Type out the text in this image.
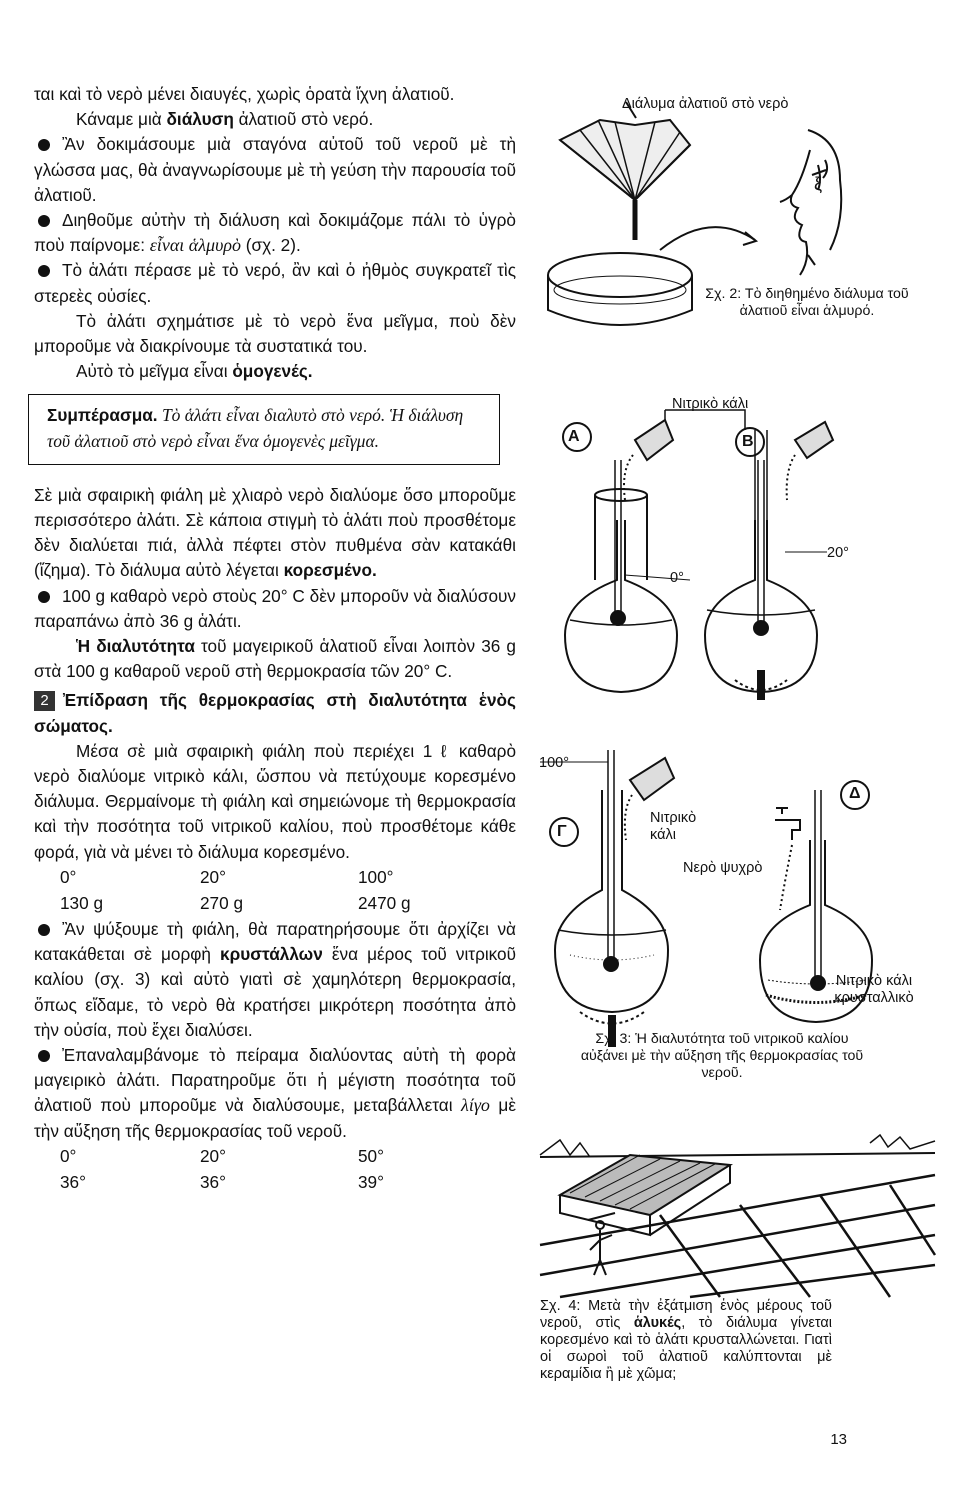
ται καὶ τὸ νερὸ μένει διαυγές, χωρὶς ὁρατὰ ἴχνη ἀλατιοῦ.

Κάναμε μιὰ διάλυση ἀλατιοῦ στὸ νερό.

Ἂν δοκιμάσουμε μιὰ σταγόνα αὐτοῦ τοῦ νεροῦ μὲ τὴ γλώσσα μας, θὰ ἀναγνωρίσουμε μὲ τὴ γεύση τὴν παρουσία τοῦ ἀλατιοῦ.

Διηθοῦμε αὐτὴν τὴ διάλυση καὶ δοκιμάζομε πάλι τὸ ὑγρὸ ποὺ παίρνομε: εἶναι ἁλμυρὸ (σχ. 2).

Τὸ ἁλάτι πέρασε μὲ τὸ νερό, ἂν καὶ ὁ ἠθμὸς συγκρατεῖ τὶς στερεὲς οὐσίες.

Τὸ ἁλάτι σχημάτισε μὲ τὸ νερὸ ἕνα μεῖγμα, ποὺ δὲν μποροῦμε νὰ διακρίνουμε τὰ συστατικά του.

Αὐτὸ τὸ μεῖγμα εἶναι ὁμογενές.

Συμπέρασμα. Τὸ ἁλάτι εἶναι διαλυτὸ στὸ νερό. Ἡ διάλυση τοῦ ἀλατιοῦ στὸ νερὸ εἶναι ἕνα ὁμογενὲς μεῖγμα.

Σὲ μιὰ σφαιρικὴ φιάλη μὲ χλιαρὸ νερὸ διαλύομε ὅσο μποροῦμε περισσότερο ἁλάτι. Σὲ κάποια στιγμὴ τὸ ἁλάτι ποὺ προσθέτομε δὲν διαλύεται πιά, ἀλλὰ πέφτει στὸν πυθμένα σὰν κατακάθι (ἴζημα). Τὸ διάλυμα αὐτὸ λέγεται κορεσμένο.

100 g καθαρὸ νερὸ στοὺς 20° C δὲν μποροῦν νὰ διαλύσουν παραπάνω ἀπὸ 36 g ἁλάτι.

Ἡ διαλυτότητα τοῦ μαγειρικοῦ ἁλατιοῦ εἶναι λοιπὸν 36 g στὰ 100 g καθαροῦ νεροῦ στὴ θερμοκρασία τῶν 20° C.

2 Ἐπίδραση τῆς θερμοκρασίας στὴ διαλυτότητα ἑνὸς σώματος.

Μέσα σὲ μιὰ σφαιρικὴ φιάλη ποὺ περιέχει 1 ℓ καθαρὸ νερὸ διαλύομε νιτρικὸ κάλι, ὥσπου νὰ πετύχουμε κορεσμένο διάλυμα. Θερμαίνομε τὴ φιάλη καὶ σημειώνομε τὴ θερμοκρασία καὶ τὴν ποσότητα τοῦ νιτρικοῦ καλίου, ποὺ προσθέτομε κάθε φορά, γιὰ νὰ μένει τὸ διάλυμα κορεσμένο.

0°	20°	100°
130 g	270 g	2470 g

Ἂν ψύξουμε τὴ φιάλη, θὰ παρατηρήσουμε ὅτι ἀρχίζει νὰ κατακάθεται σὲ μορφὴ κρυστάλλων ἕνα μέρος τοῦ νιτρικοῦ καλίου (σχ. 3) καὶ αὐτὸ γιατὶ σὲ χαμηλότερη θερμοκρασία, ὅπως εἴδαμε, τὸ νερὸ θὰ κρατήσει μικρότερη ποσότητα ἀπὸ τὴν οὐσία, ποὺ ἔχει διαλύσει.

Ἐπαναλαμβάνομε τὸ πείραμα διαλύοντας αὐτὴ τὴ φορὰ μαγειρικὸ ἁλάτι. Παρατηροῦμε ὅτι ἡ μέγιστη ποσότητα τοῦ ἀλατιοῦ ποὺ μποροῦμε νὰ διαλύσουμε, μεταβάλλεται λίγο μὲ τὴν αὔξηση τῆς θερμοκρασίας τοῦ νεροῦ.

0°	20°	50°
36°	36°	39°
Διάλυμα ἀλατιοῦ στὸ νερὸ
ξ
Σχ. 2: Τὸ διηθημένο διάλυμα τοῦ ἀλατιοῦ εἶναι ἁλμυρό.
Νιτρικὸ κάλι
Α	Β
0°
20°
100°
Γ
Δ
Νιτρικὸ κάλι
Νερὸ ψυχρὸ
Νιτρικὸ κάλι κρυσταλλικὸ
Σχ. 3: Ἡ διαλυτότητα τοῦ νιτρικοῦ καλίου αὐξάνει μὲ τὴν αὔξηση τῆς θερμοκρασίας τοῦ νεροῦ.
Σχ. 4: Μετὰ τὴν ἐξάτμιση ἑνὸς μέρους τοῦ νεροῦ, στὶς ἁλυκές, τὸ διάλυμα γίνεται κορεσμένο καὶ τὸ ἁλάτι κρυσταλλώνεται. Γιατὶ οἱ σωροὶ τοῦ ἀλατιοῦ καλύπτονται μὲ κεραμίδια ἢ μὲ χῶμα;
13
